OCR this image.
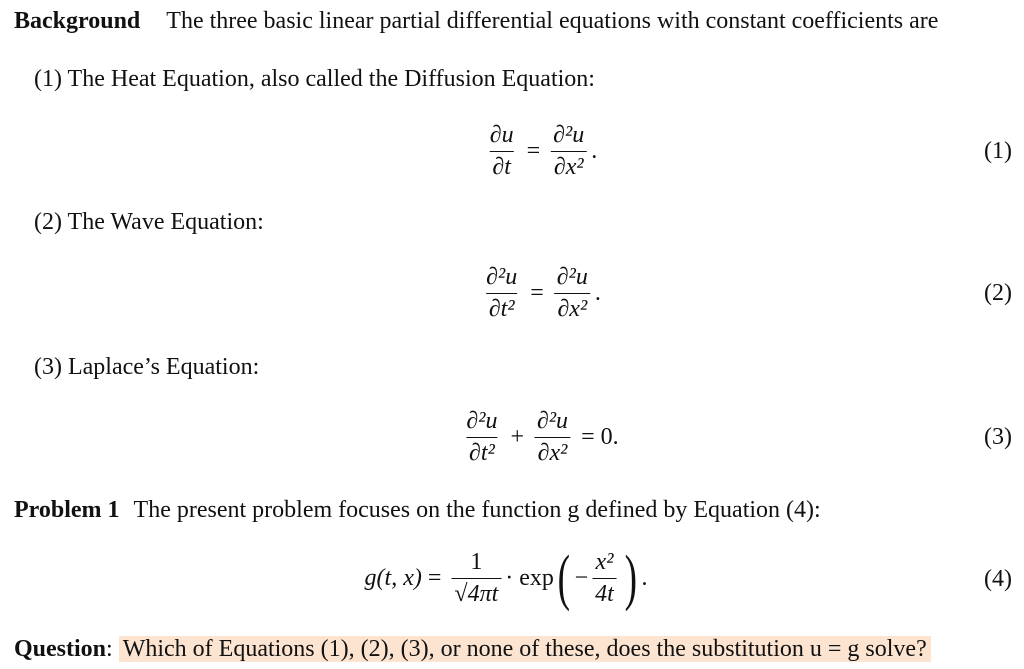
Background The three basic linear partial differential equations with constant coefficients are
(1) The Heat Equation, also called the Diffusion Equation:
$\frac{\partial u}{\partial t} = \frac{\text{∂²u}}{\text{∂x²}}$ .	(1)
(2) The Wave Equation:
$\frac{\text{∂²u}}{\text{∂t²}} = \frac{\text{∂²u}}{\text{∂x²}}$ .	(2)
(3) Laplace’s Equation:
$\frac{\text{∂²u}}{\text{∂t²}} + \frac{\text{∂²u}}{\text{∂x²}} = 0$.	(3)
Problem 1 The present problem focuses on the function g defined by Equation (4):
g(t, $x) = \frac{1}{√4\pi t} \cdot \exp$ ( − $\frac{\text{x²}}{4t}$ ) .	(4)
Question: Which of Equations (1), (2), (3), or none of these, does the substitution u = g solve?
